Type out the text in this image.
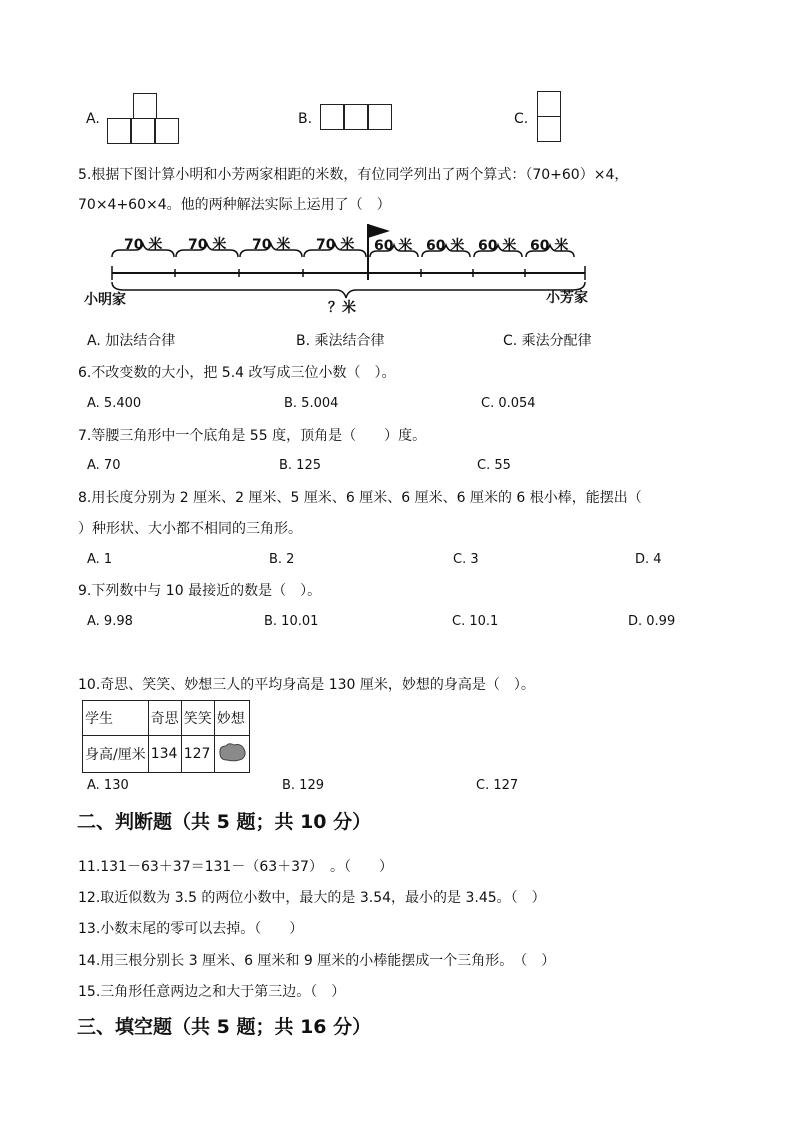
A.	B.	C.
5.根据下图计算小明和小芳两家相距的米数，有位同学列出了两个算式：（70+60）×4，
70×4+60×4。他的两种解法实际上运用了（　）
70 米 70 米 70 米 70 米 60 米 60 米 60 米 60 米
小明家	小芳家
？米
A. 加法结合律	B. 乘法结合律	C. 乘法分配律
6.不改变数的大小，把 5.4 改写成三位小数（　）。
A. 5.400	B. 5.004	C. 0.054
7.等腰三角形中一个底角是 55 度，顶角是（　　）度。
A. 70	B. 125	C. 55
8.用长度分别为 2 厘米、2 厘米、5 厘米、6 厘米、6 厘米、6 厘米的 6 根小棒，能摆出（
）种形状、大小都不相同的三角形。
A. 1	B. 2	C. 3	D. 4
9.下列数中与 10 最接近的数是（　）。
A. 9.98	B. 10.01	C. 10.1	D. 0.99
10.奇思、笑笑、妙想三人的平均身高是 130 厘米，妙想的身高是（　）。
学生	奇思	笑笑	妙想
身高/厘米	134	127	
A. 130	B. 129	C. 127
二、判断题（共 5 题；共 10 分）
11.131－63＋37＝131－（63＋37）　。（　　）
12.取近似数为 3.5 的两位小数中，最大的是 3.54，最小的是 3.45。（　）
13.小数末尾的零可以去掉。（　　）
14.用三根分别长 3 厘米、6 厘米和 9 厘米的小棒能摆成一个三角形。　（　）
15.三角形任意两边之和大于第三边。（　）
三、填空题（共 5 题；共 16 分）
